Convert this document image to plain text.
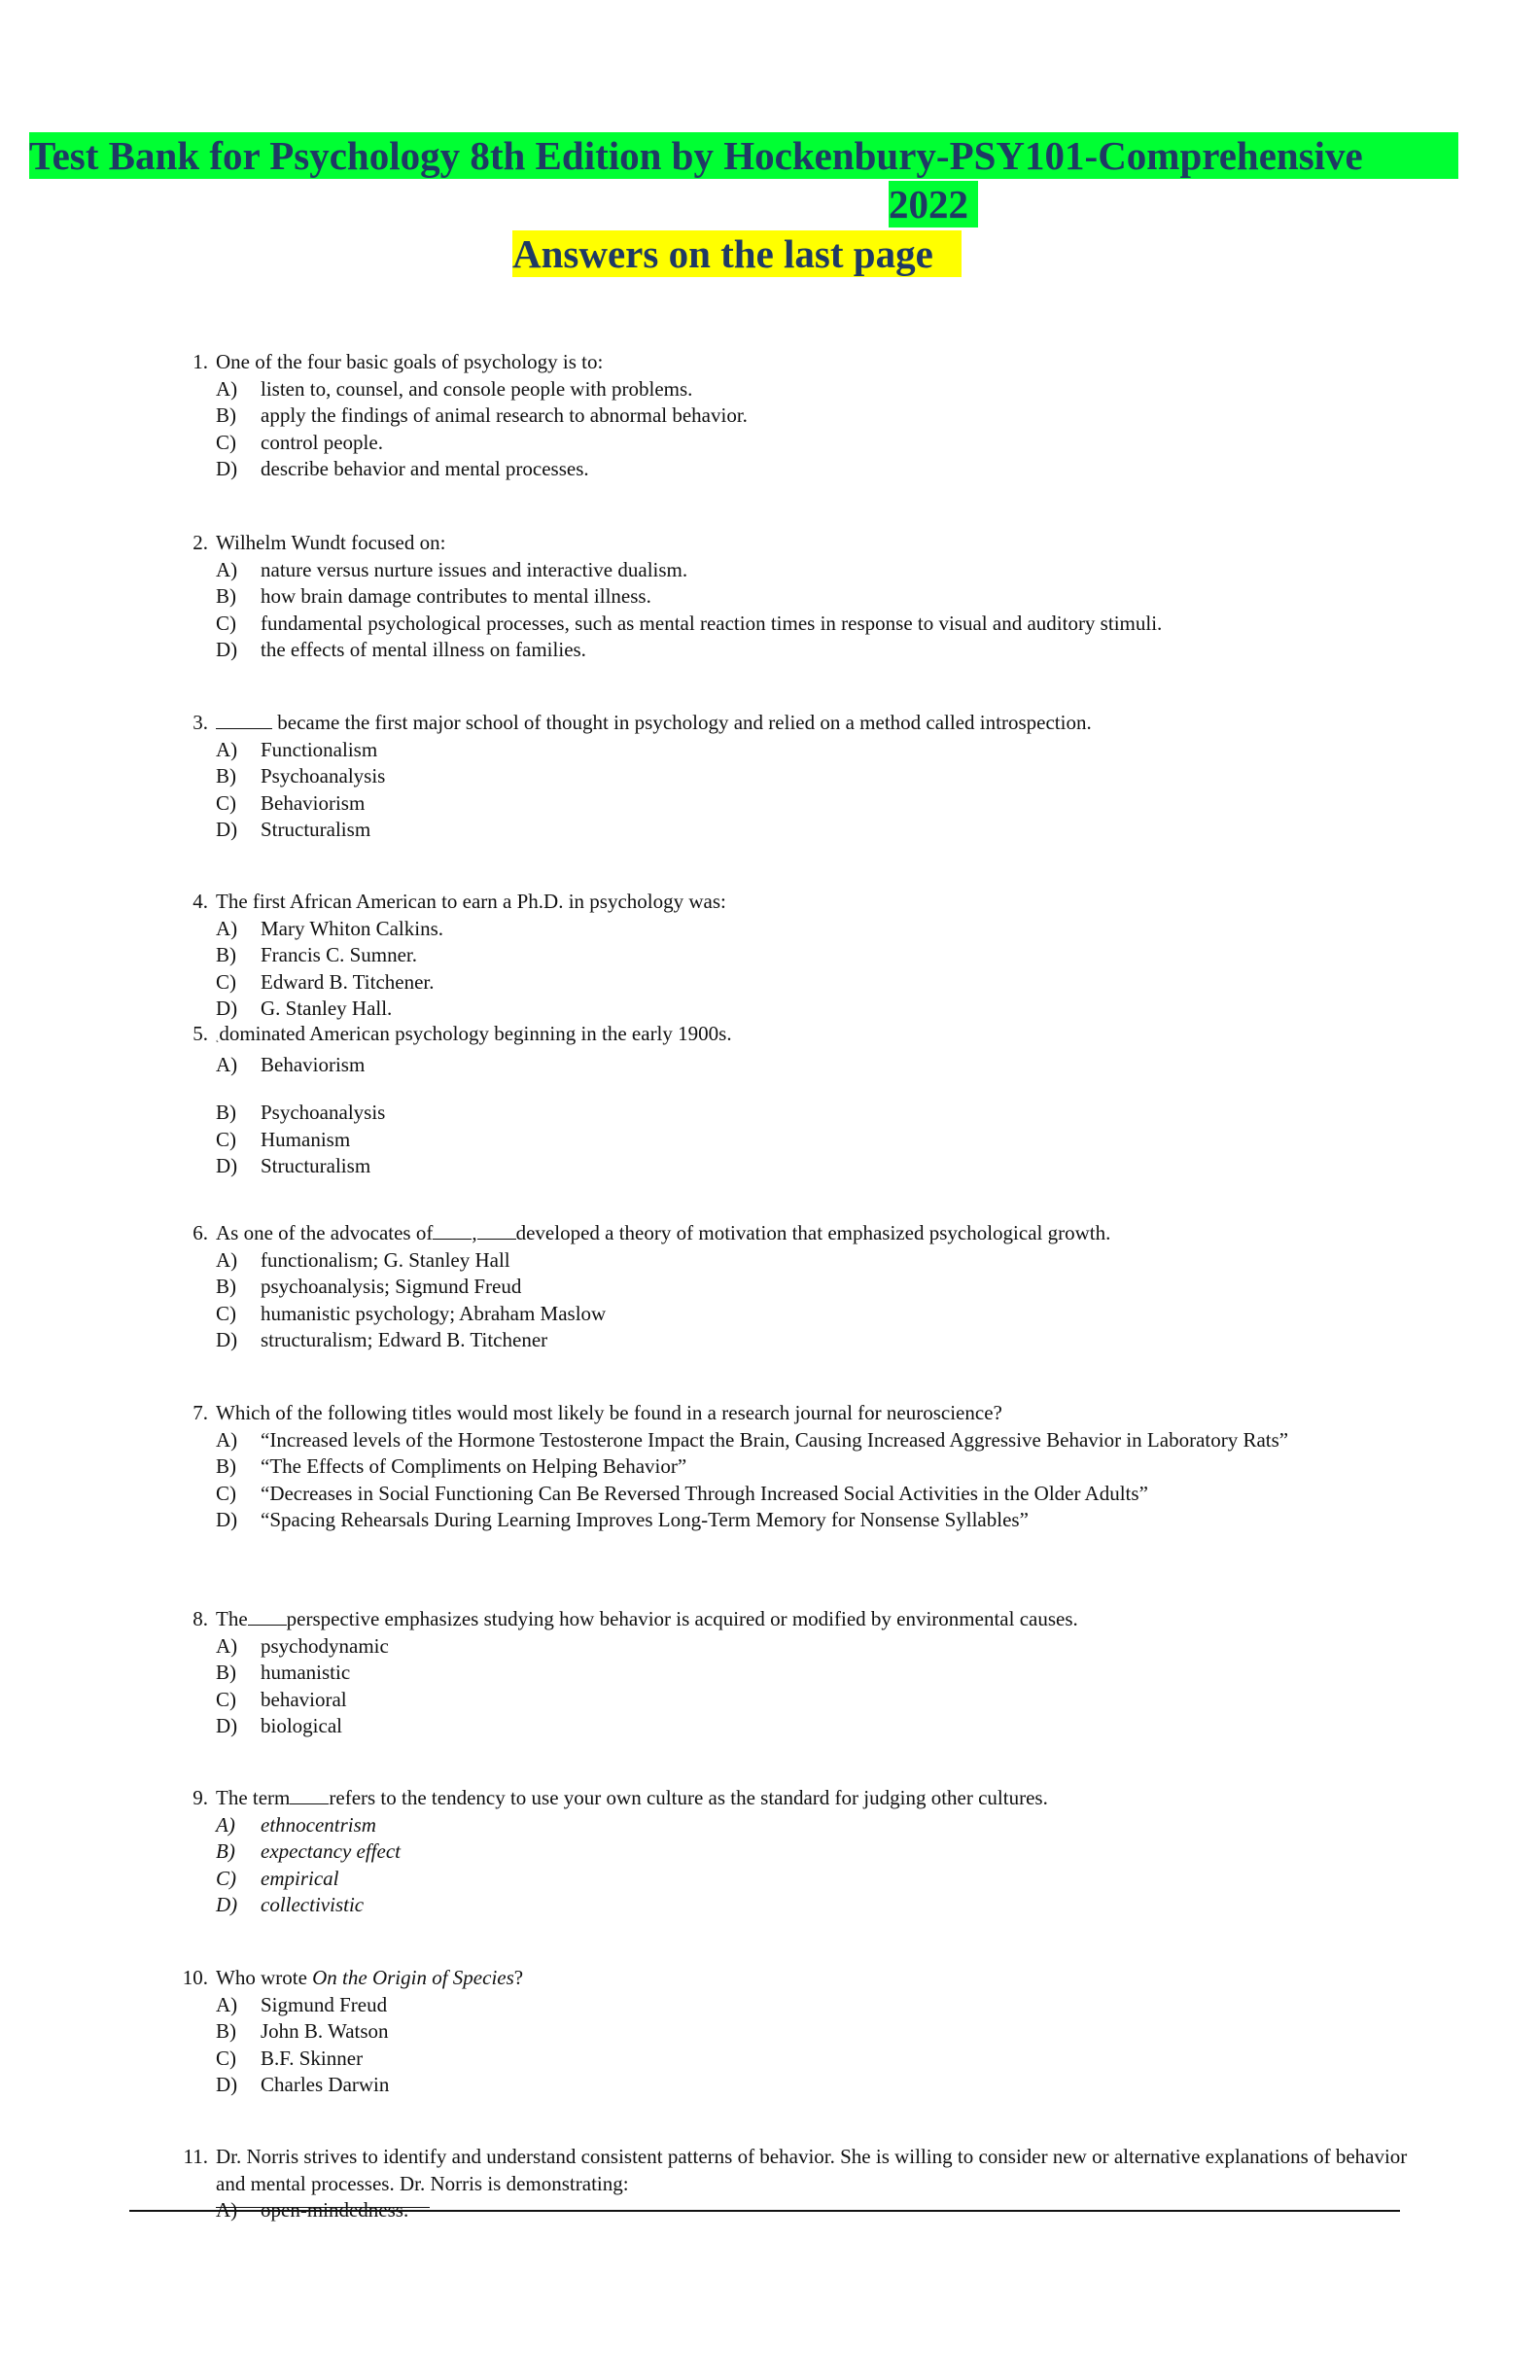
Test Bank for Psychology 8th Edition by Hockenbury-PSY101-Comprehensive
2022
Answers on the last page
1. One of the four basic goals of psychology is to:
A) listen to, counsel, and console people with problems.
B) apply the findings of animal research to abnormal behavior.
C) control people.
D) describe behavior and mental processes.
2. Wilhelm Wundt focused on:
A) nature versus nurture issues and interactive dualism.
B) how brain damage contributes to mental illness.
C) fundamental psychological processes, such as mental reaction times in response to visual and auditory stimuli.
D) the effects of mental illness on families.
3.	became the first major school of thought in psychology and relied on a method called introspection.
A) Functionalism
B) Psychoanalysis
C) Behaviorism
D) Structuralism
4. The first African American to earn a Ph.D. in psychology was:
A) Mary Whiton Calkins.
B) Francis C. Sumner.
C) Edward B. Titchener.
D) G. Stanley Hall.
5. ˛dominated American psychology beginning in the early 1900s.
A) Behaviorism
B) Psychoanalysis
C) Humanism
D) Structuralism
6. As one of the advocates of , developed a theory of motivation that emphasized psychological growth.
A) functionalism; G. Stanley Hall
B) psychoanalysis; Sigmund Freud
C) humanistic psychology; Abraham Maslow
D) structuralism; Edward B. Titchener
7. Which of the following titles would most likely be found in a research journal for neuroscience?
A) “Increased levels of the Hormone Testosterone Impact the Brain, Causing Increased Aggressive Behavior in Laboratory Rats”
B) “The Effects of Compliments on Helping Behavior”
C) “Decreases in Social Functioning Can Be Reversed Through Increased Social Activities in the Older Adults”
D) “Spacing Rehearsals During Learning Improves Long-Term Memory for Nonsense Syllables”
8. The perspective emphasizes studying how behavior is acquired or modified by environmental causes.
A) psychodynamic
B) humanistic
C) behavioral
D) biological
9. The term refers to the tendency to use your own culture as the standard for judging other cultures.
A) ethnocentrism
B) expectancy effect
C) empirical
D) collectivistic
10. Who wrote On the Origin of Species?
A) Sigmund Freud
B) John B. Watson
C) B.F. Skinner
D) Charles Darwin
11. Dr. Norris strives to identify and understand consistent patterns of behavior. She is willing to consider new or alternative explanations of behavior and mental processes. Dr. Norris is demonstrating:
A) open-mindedness.
